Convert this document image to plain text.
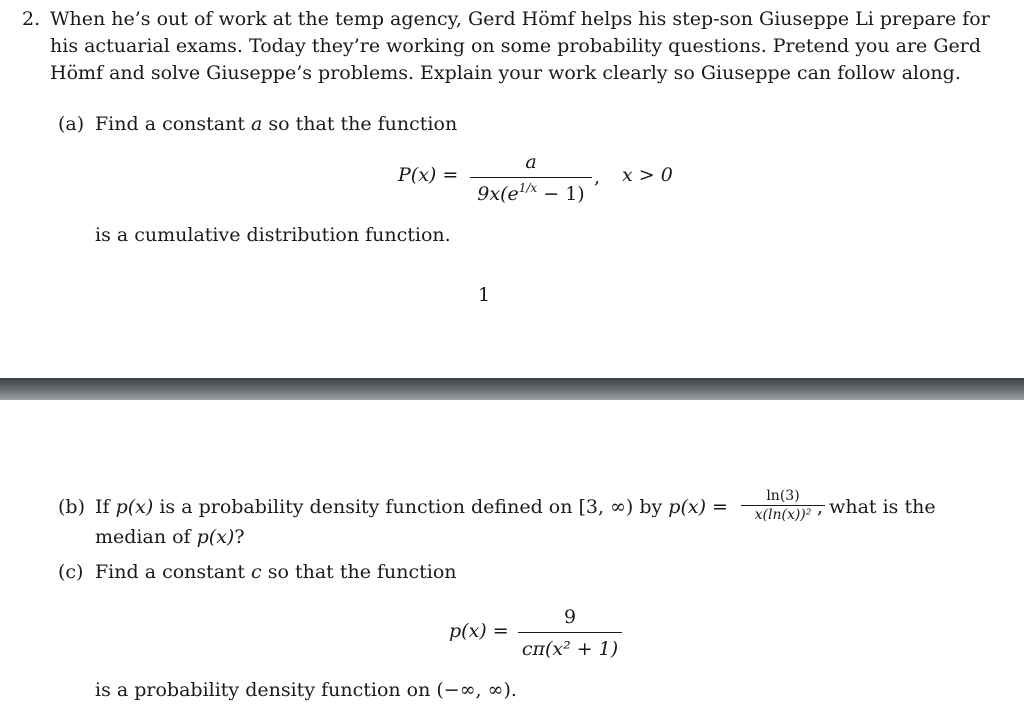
2. When he’s out of work at the temp agency, Gerd Hömf helps his step-son Giuseppe Li prepare for
his actuarial exams. Today they’re working on some probability questions. Pretend you are Gerd
Hömf and solve Giuseppe’s problems. Explain your work clearly so Giuseppe can follow along.
(a) Find a constant a so that the function
P(x) =
a
$9x(e^{1/x} - 1)$
, x > 0
is a cumulative distribution function.
1
(b) If p(x) is a probability density function defined on [3, ∞) by p(x) =	ln(3)
x(ln(x))² , what is the
median of p(x)?
(c) Find a constant c so that the function
p(x) =
9
cπ(x² + 1)
is a probability density function on (−∞, ∞).
